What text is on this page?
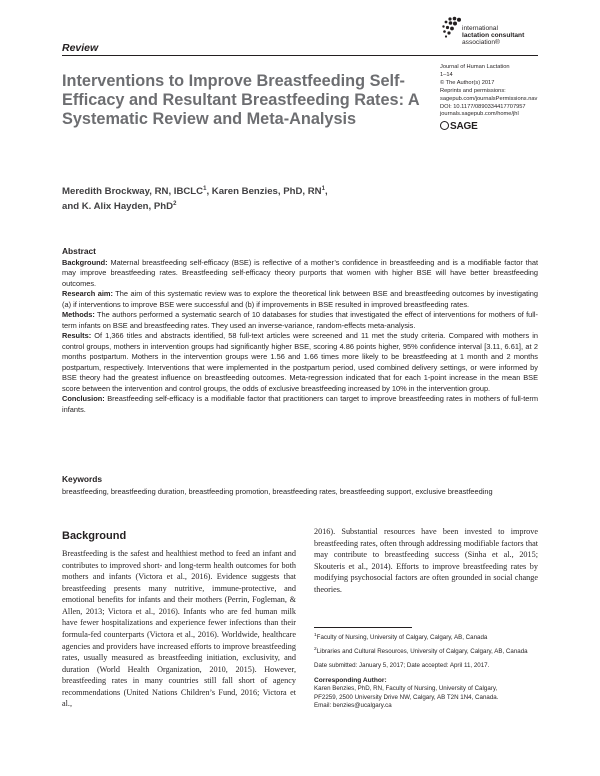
Review
international
lactation consultant
association®
Interventions to Improve Breastfeeding Self-Efficacy and Resultant Breastfeeding Rates: A Systematic Review and Meta-Analysis
Journal of Human Lactation
1–14
© The Author(s) 2017
Reprints and permissions:
sagepub.com/journalsPermissions.nav
DOI: 10.1177/0890334417707957
journals.sagepub.com/home/jhl
SAGE
Meredith Brockway, RN, IBCLC$^1$, Karen Benzies, PhD, $RN^1$,
and K. Alix Hayden, PhD$^2$

Abstract

Background: Maternal breastfeeding self-efficacy (BSE) is reflective of a mother’s confidence in breastfeeding and is a modifiable factor that may improve breastfeeding rates. Breastfeeding self-efficacy theory purports that women with higher BSE will have better breastfeeding outcomes.

Research aim: The aim of this systematic review was to explore the theoretical link between BSE and breastfeeding outcomes by investigating (a) if interventions to improve BSE were successful and (b) if improvements in BSE resulted in improved breastfeeding rates.

Methods: The authors performed a systematic search of 10 databases for studies that investigated the effect of interventions for mothers of full-term infants on BSE and breastfeeding rates. They used an inverse-variance, random-effects meta-analysis.

Results: Of 1,366 titles and abstracts identified, 58 full-text articles were screened and 11 met the study criteria. Compared with mothers in control groups, mothers in intervention groups had significantly higher BSE, scoring 4.86 points higher, 95% confidence interval [3.11, 6.61], at 2 months postpartum. Mothers in the intervention groups were 1.56 and 1.66 times more likely to be breastfeeding at 1 month and 2 months postpartum, respectively. Interventions that were implemented in the postpartum period, used combined delivery settings, or were informed by BSE theory had the greatest influence on breastfeeding outcomes. Meta-regression indicated that for each 1-point increase in the mean BSE score between the intervention and control groups, the odds of exclusive breastfeeding increased by 10% in the intervention group.

Conclusion: Breastfeeding self-efficacy is a modifiable factor that practitioners can target to improve breastfeeding rates in mothers of full-term infants.

Keywords
breastfeeding, breastfeeding duration, breastfeeding promotion, breastfeeding rates, breastfeeding support, exclusive breastfeeding
Background
Breastfeeding is the safest and healthiest method to feed an infant and contributes to improved short- and long-term health outcomes for both mothers and infants (Victora et al., 2016). Evidence suggests that breastfeeding presents many nutritive, immune-protective, and emotional benefits for infants and their mothers (Perrin, Fogleman, & Allen, 2013; Victora et al., 2016). Infants who are fed human milk have fewer hospitalizations and experience fewer infections than their formula-fed counterparts (Victora et al., 2016). Worldwide, healthcare agencies and providers have increased efforts to improve breastfeeding rates, usually measured as breastfeeding initiation, exclusivity, and duration (World Health Organization, 2010, 2015). However, breastfeeding rates in many countries still fall short of agency recommendations (United Nations Children’s Fund, 2016; Victora et al.,
2016). Substantial resources have been invested to improve breastfeeding rates, often through addressing modifiable factors that may contribute to breastfeeding success (Sinha et al., 2015; Skouteris et al., 2014). Efforts to improve breastfeeding rates by modifying psychosocial factors are often grounded in social change theories.

$^1$Faculty of Nursing, University of Calgary, Calgary, AB, Canada

$^2$Libraries and Cultural Resources, University of Calgary, Calgary, AB, Canada

Date submitted: January 5, 2017; Date accepted: April 11, 2017.

Corresponding Author:
Karen Benzies, PhD, RN, Faculty of Nursing, University of Calgary,
PF2259, 2500 University Drive NW, Calgary, AB T2N 1N4, Canada.
Email: benzies@ucalgary.ca
